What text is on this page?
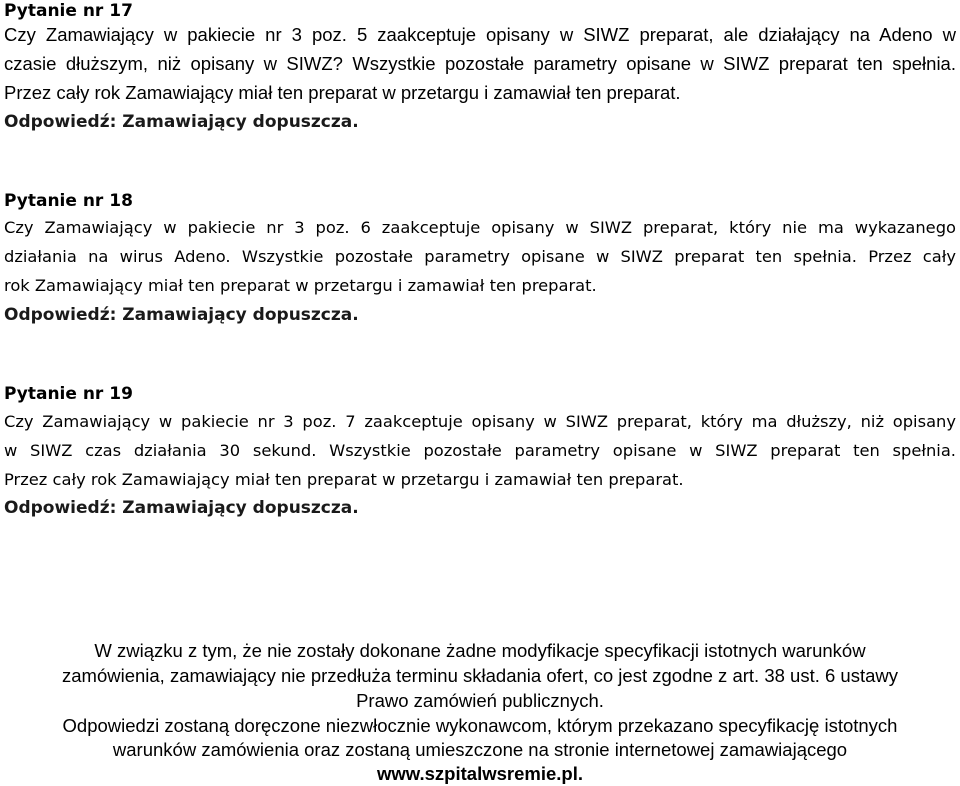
Pytanie nr 17

Czy Zamawiający w pakiecie nr 3 poz. 5 zaakceptuje opisany w SIWZ preparat, ale działający na Adeno w

czasie dłuższym, niż opisany w SIWZ? Wszystkie pozostałe parametry opisane w SIWZ preparat ten spełnia.

Przez cały rok Zamawiający miał ten preparat w przetargu i zamawiał ten preparat.

Odpowiedź: Zamawiający dopuszcza.

Pytanie nr 18

Czy Zamawiający w pakiecie nr 3 poz. 6 zaakceptuje opisany w SIWZ preparat, który nie ma wykazanego

działania na wirus Adeno. Wszystkie pozostałe parametry opisane w SIWZ preparat ten spełnia. Przez cały

rok Zamawiający miał ten preparat w przetargu i zamawiał ten preparat.

Odpowiedź: Zamawiający dopuszcza.

Pytanie nr 19

Czy Zamawiający w pakiecie nr 3 poz. 7 zaakceptuje opisany w SIWZ preparat, który ma dłuższy, niż opisany

w SIWZ czas działania 30 sekund. Wszystkie pozostałe parametry opisane w SIWZ preparat ten spełnia.

Przez cały rok Zamawiający miał ten preparat w przetargu i zamawiał ten preparat.

Odpowiedź: Zamawiający dopuszcza.

W związku z tym, że nie zostały dokonane żadne modyfikacje specyfikacji istotnych warunków

zamówienia, zamawiający nie przedłuża terminu składania ofert, co jest zgodne z art. 38 ust. 6 ustawy

Prawo zamówień publicznych.

Odpowiedzi zostaną doręczone niezwłocznie wykonawcom, którym przekazano specyfikację istotnych

warunków zamówienia oraz zostaną umieszczone na stronie internetowej zamawiającego

www.szpitalwsremie.pl.
